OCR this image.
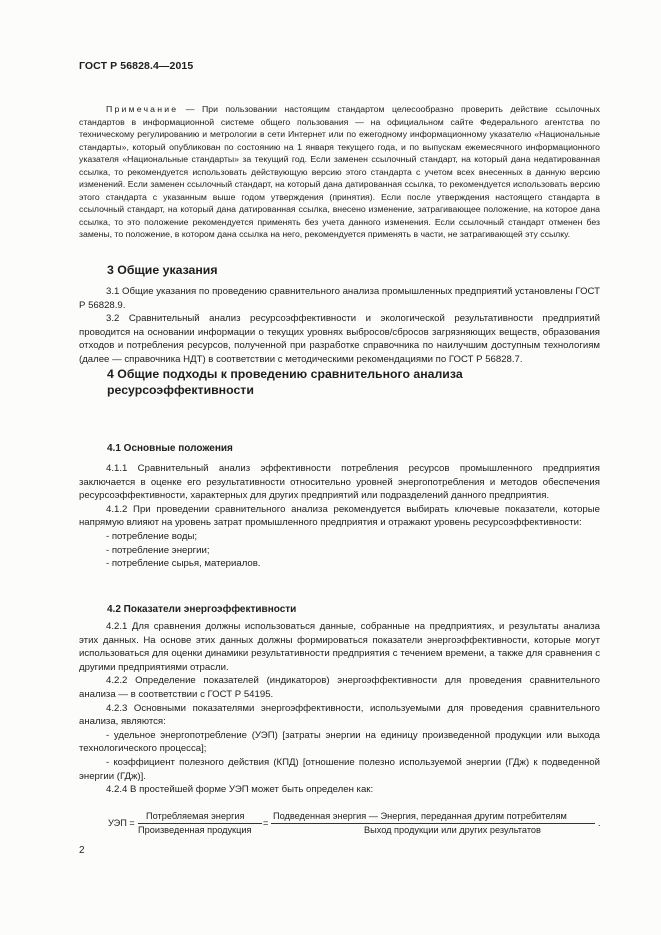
ГОСТ Р 56828.4—2015

Примечание — При пользовании настоящим стандартом целесообразно проверить действие ссылочных стандартов в информационной системе общего пользования — на официальном сайте Федерального агентства по техническому регулированию и метрологии в сети Интернет или по ежегодному информационному указателю «Национальные стандарты», который опубликован по состоянию на 1 января текущего года, и по выпускам ежемесячного информационного указателя «Национальные стандарты» за текущий год. Если заменен ссылочный стандарт, на который дана недатированная ссылка, то рекомендуется использовать действующую версию этого стандарта с учетом всех внесенных в данную версию изменений. Если заменен ссылочный стандарт, на который дана датированная ссылка, то рекомендуется использовать версию этого стандарта с указанным выше годом утверждения (принятия). Если после утверждения настоящего стандарта в ссылочный стандарт, на который дана датированная ссылка, внесено изменение, затрагивающее положение, на которое дана ссылка, то это положение рекомендуется применять без учета данного изменения. Если ссылочный стандарт отменен без замены, то положение, в котором дана ссылка на него, рекомендуется применять в части, не затрагивающей эту ссылку.

3 Общие указания

3.1 Общие указания по проведению сравнительного анализа промышленных предприятий установлены ГОСТ Р 56828.9.

3.2 Сравнительный анализ ресурсоэффективности и экологической результативности предприятий проводится на основании информации о текущих уровнях выбросов/сбросов загрязняющих веществ, образования отходов и потребления ресурсов, полученной при разработке справочника по наилучшим доступным технологиям (далее — справочника НДТ) в соответствии с методическими рекомендациями по ГОСТ Р 56828.7.

4 Общие подходы к проведению сравнительного анализа ресурсоэффективности
4.1 Основные положения

4.1.1 Сравнительный анализ эффективности потребления ресурсов промышленного предприятия заключается в оценке его результативности относительно уровней энергопотребления и методов обеспечения ресурсоэффективности, характерных для других предприятий или подразделений данного предприятия.

4.1.2 При проведении сравнительного анализа рекомендуется выбирать ключевые показатели, которые напрямую влияют на уровень затрат промышленного предприятия и отражают уровень ресурсоэффективности:

- потребление воды;

- потребление энергии;

- потребление сырья, материалов.

4.2 Показатели энергоэффективности

4.2.1 Для сравнения должны использоваться данные, собранные на предприятиях, и результаты анализа этих данных. На основе этих данных должны формироваться показатели энергоэффективности, которые могут использоваться для оценки динамики результативности предприятия с течением времени, а также для сравнения с другими предприятиями отрасли.

4.2.2 Определение показателей (индикаторов) энергоэффективности для проведения сравнительного анализа — в соответствии с ГОСТ Р 54195.

4.2.3 Основными показателями энергоэффективности, используемыми для проведения сравнительного анализа, являются:

- удельное энергопотребление (УЭП) [затраты энергии на единицу произведенной продукции или выхода технологического процесса];

- коэффициент полезного действия (КПД) [отношение полезно используемой энергии (ГДж) к подведенной энергии (ГДж)].

4.2.4 В простейшей форме УЭП может быть определен как:

УЭП =
Потребляемая энергия
Произведенная продукция
=
Подведенная энергия — Энергия, переданная другим потребителям
Выход продукции или других результатов
.
2
